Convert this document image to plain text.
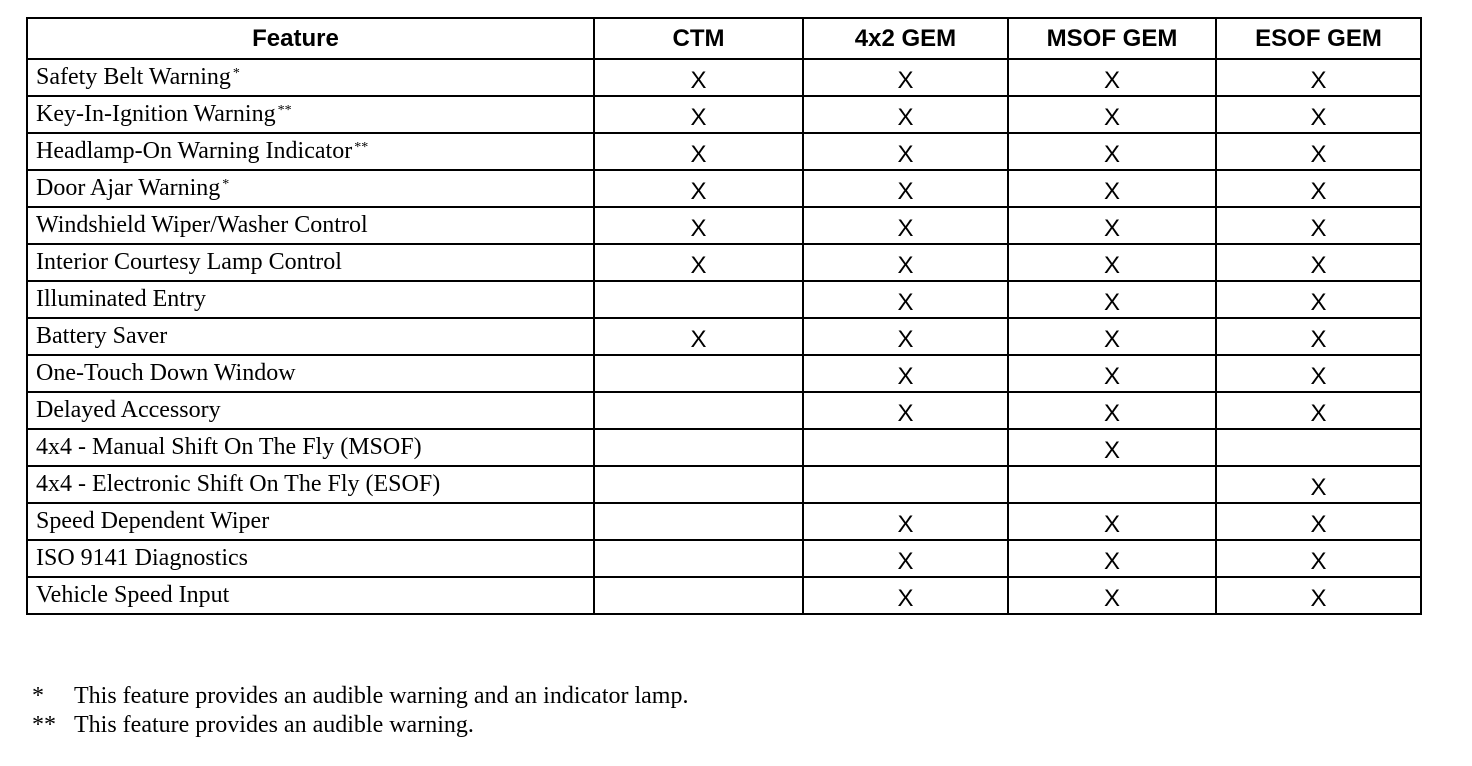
Feature	CTM	4x2 GEM	MSOF GEM	ESOF GEM
Safety Belt Warning *	X	X	X	X
Key-In-Ignition Warning **	X	X	X	X
Headlamp-On Warning Indicator **	X	X	X	X
Door Ajar Warning *	X	X	X	X
Windshield Wiper/Washer Control	X	X	X	X
Interior Courtesy Lamp Control	X	X	X	X
Illuminated Entry		X	X	X
Battery Saver	X	X	X	X
One-Touch Down Window		X	X	X
Delayed Accessory		X	X	X
4x4 - Manual Shift On The Fly (MSOF)			X	
4x4 - Electronic Shift On The Fly (ESOF)				X
Speed Dependent Wiper		X	X	X
ISO 9141 Diagnostics		X	X	X
Vehicle Speed Input		X	X	X
*	This feature provides an audible warning and an indicator lamp.
** This feature provides an audible warning.
